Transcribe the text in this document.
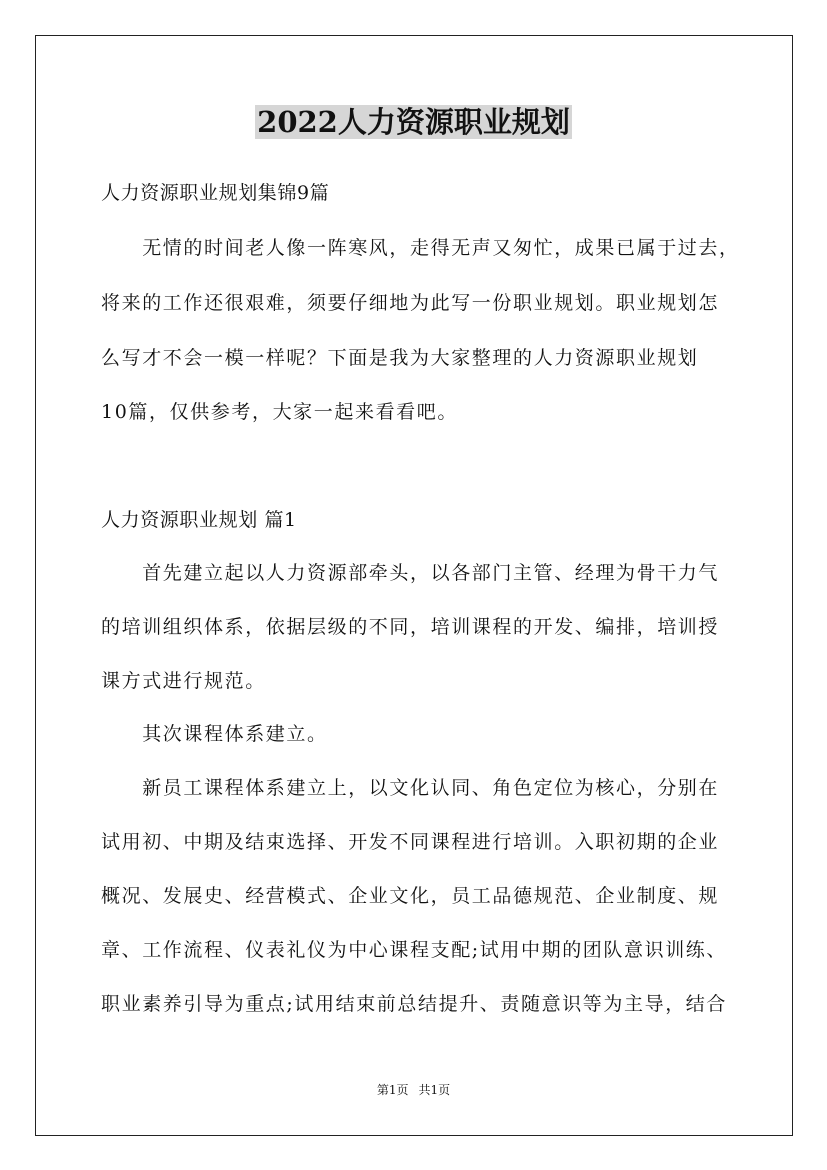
2022人力资源职业规划
人力资源职业规划集锦9篇
　　无情的时间老人像一阵寒风，走得无声又匆忙，成果已属于过去，
将来的工作还很艰难，须要仔细地为此写一份职业规划。职业规划怎
么写才不会一模一样呢？下面是我为大家整理的人力资源职业规划
10篇，仅供参考，大家一起来看看吧。
人力资源职业规划 篇1
　　首先建立起以人力资源部牵头，以各部门主管、经理为骨干力气
的培训组织体系，依据层级的不同，培训课程的开发、编排，培训授
课方式进行规范。
　　其次课程体系建立。
　　新员工课程体系建立上，以文化认同、角色定位为核心，分别在
试用初、中期及结束选择、开发不同课程进行培训。入职初期的企业
概况、发展史、经营模式、企业文化，员工品德规范、企业制度、规
章、工作流程、仪表礼仪为中心课程支配;试用中期的团队意识训练、
职业素养引导为重点;试用结束前总结提升、责随意识等为主导，结合
第1页 共1页
